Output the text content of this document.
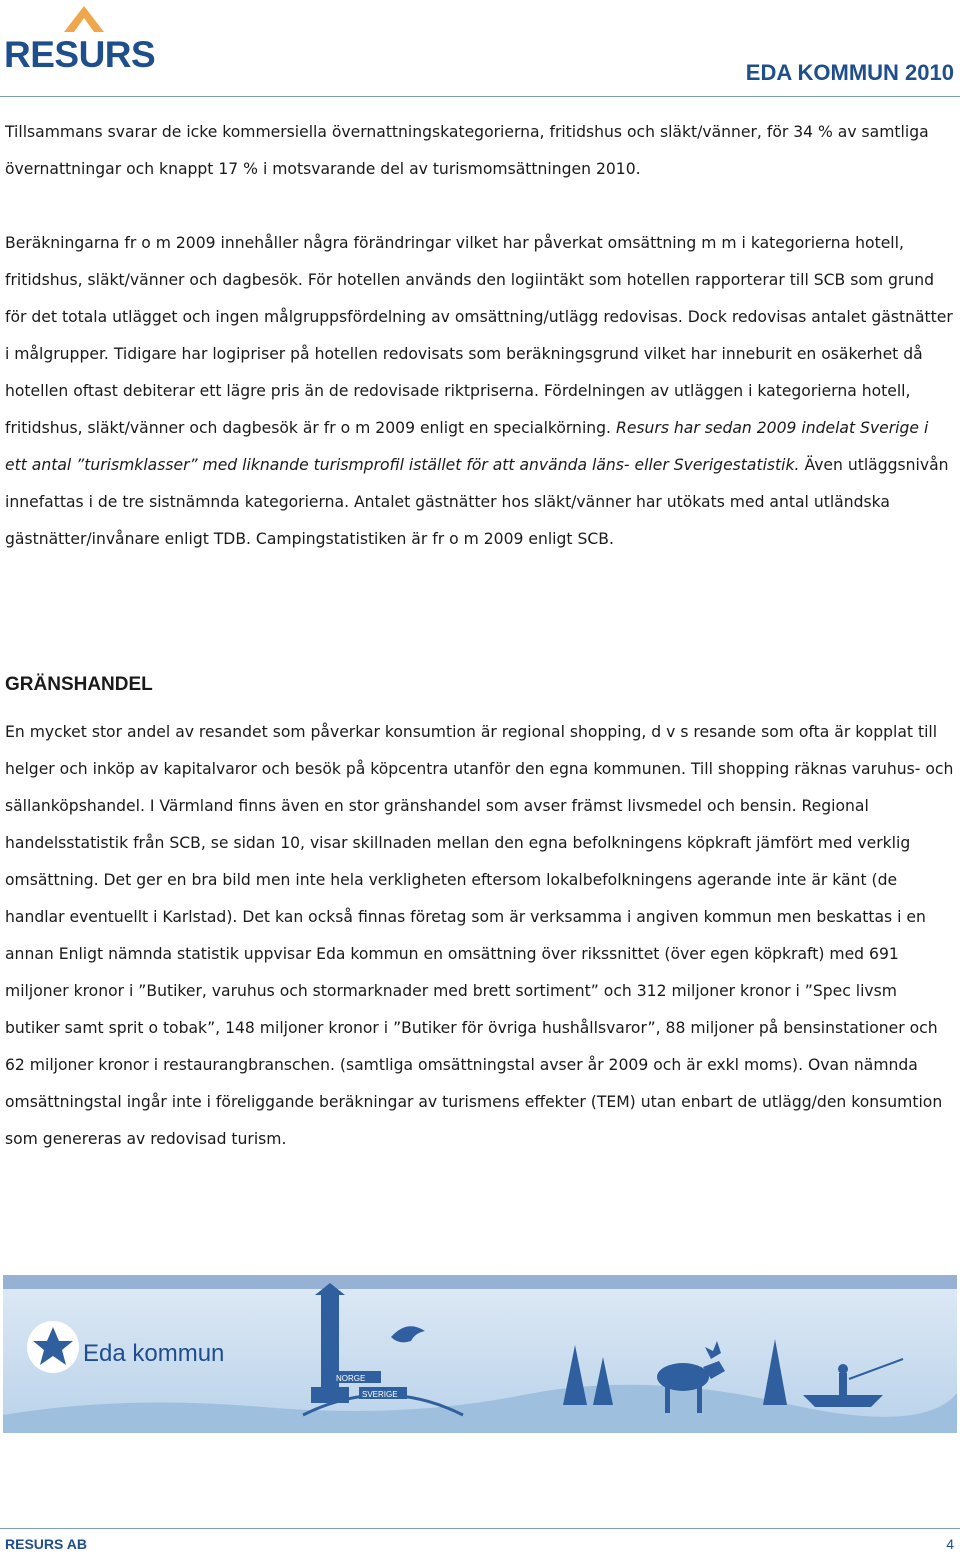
RESURS	EDA KOMMUN 2010

Tillsammans svarar de icke kommersiella övernattningskategorierna, fritidshus och släkt/vänner, för 34 % av samtliga övernattningar och knappt 17 % i motsvarande del av turismomsättningen 2010.

Beräkningarna fr o m 2009 innehåller några förändringar vilket har påverkat omsättning m m i kategorierna hotell, fritidshus, släkt/vänner och dagbesök. För hotellen används den logiintäkt som hotellen rapporterar till SCB som grund för det totala utlägget och ingen målgruppsfördelning av omsättning/utlägg redovisas. Dock redovisas antalet gästnätter i målgrupper. Tidigare har logipriser på hotellen redovisats som beräkningsgrund vilket har inneburit en osäkerhet då hotellen oftast debiterar ett lägre pris än de redovisade riktpriserna. Fördelningen av utläggen i kategorierna hotell, fritidshus, släkt/vänner och dagbesök är fr o m 2009 enligt en specialkörning. Resurs har sedan 2009 indelat Sverige i ett antal ”turismklasser” med liknande turismprofil istället för att använda läns- eller Sverigestatistik. Även utläggsnivån innefattas i de tre sistnämnda kategorierna. Antalet gästnätter hos släkt/vänner har utökats med antal utländska gästnätter/invånare enligt TDB. Campingstatistiken är fr o m 2009 enligt SCB.

GRÄNSHANDEL

En mycket stor andel av resandet som påverkar konsumtion är regional shopping, d v s resande som ofta är kopplat till helger och inköp av kapitalvaror och besök på köpcentra utanför den egna kommunen. Till shopping räknas varuhus- och sällanköpshandel. I Värmland finns även en stor gränshandel som avser främst livsmedel och bensin. Regional handelsstatistik från SCB, se sidan 10, visar skillnaden mellan den egna befolkningens köpkraft jämfört med verklig omsättning. Det ger en bra bild men inte hela verkligheten eftersom lokalbefolkningens agerande inte är känt (de handlar eventuellt i Karlstad). Det kan också finnas företag som är verksamma i angiven kommun men beskattas i en annan Enligt nämnda statistik uppvisar Eda kommun en omsättning över rikssnittet (över egen köpkraft) med 691 miljoner kronor i ”Butiker, varuhus och stormarknader med brett sortiment” och 312 miljoner kronor i ”Spec livsm butiker samt sprit o tobak”, 148 miljoner kronor i ”Butiker för övriga hushållsvaror”, 88 miljoner på bensinstationer och 62 miljoner kronor i restaurangbranschen. (samtliga omsättningstal avser år 2009 och är exkl moms). Ovan nämnda omsättningstal ingår inte i föreliggande beräkningar av turismens effekter (TEM) utan enbart de utlägg/den konsumtion som genereras av redovisad turism.

Eda kommun
NORGE
SVERIGE
RESURS AB	4
